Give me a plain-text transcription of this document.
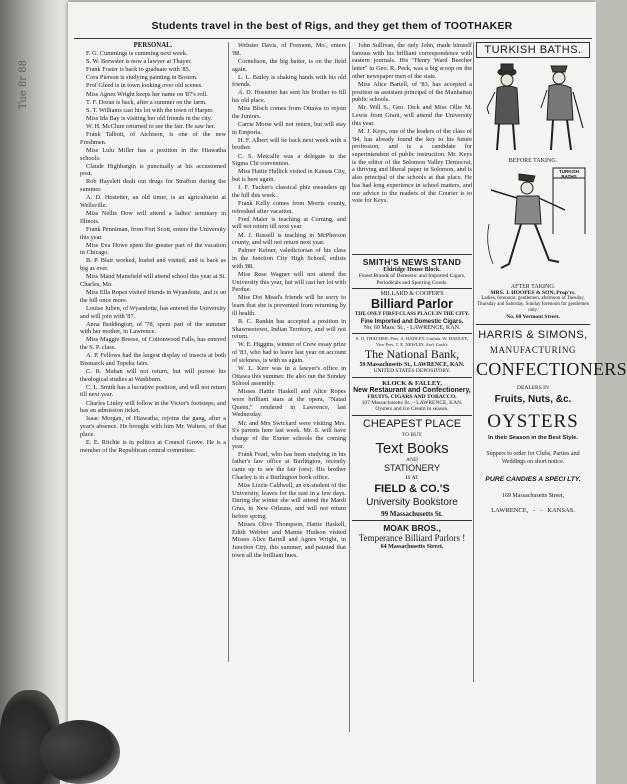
Tue 8r 88
Students travel in the best of Rigs, and they get them of TOOTHAKER

PERSONAL.

F. G. Cummings is cumming next week.

S. W. Brewster is now a lawyer at Thayer.

Frank Foster is back to graduate with '85.

Cora Pierson is studying painting in Boston.

Prof Gleed is in town looking over old scenes.

Miss Agnes Wright keeps her name on '87's roll.

T. F. Doran is back, after a summer on the farm.

S. T. Williams cast his lot with the town of Harper.

Miss Ida Bay is visiting her old friends in the city.

W. H. McClure returned to see the fair. He saw her.

Frank Talbott, of Atchison, is one of the new Freshmen.

Miss Lulu Miller has a position in the Hiawatha schools.

Claude Highbargin is punctually at his accustomed post.

Rob Hayslett dealt out drugs for Straffon during the summer.

A. D. Hostetter, an old timer, is an agriculturist at Wellsville.

Miss Nellie Dow will attend a ladies' seminary in Illinois.

Frank Penniman, from Fort Scott, enters the University this year.

Miss Eva Howe spent the greater part of the vacation in Chicago.

B. P. Blair worked, loafed and visited, and is back as big as ever.

Miss Maud Mansfield will attend school this year at St. Charles, Mo.

Miss Ella Ropes visited friends in Wyandotte, and is on the hill once more.

Louise Julien, of Wyandotte, has entered the University and will join with '87.

Anna Beddington, of '78, spent part of the summer with her mother, in Lawrence.

Miss Maggie Breese, of Cottonwood Falls, has entered the S. P. class.

A. P. Fellows had the largest display of insects at both Bismarck and Topeka fairs.

C. R. Mahan will not return, but will pursue his theological studies at Washburn.

C. L. Smith has a lucrative position, and will not return till next year.

Charles Linley will follow in the Victor's footsteps, and has an admission ticket.

Isaac Morgan, of Hiawatha, rejoins the gang, after a year's absence. He brought with him Mr. Walters, of that place.

E. E. Ritchie is in politics at Council Grove. He is a member of the Republican central committee.

Webster Davis, of Fremont, Mo., enters '88.

Cornelison, the big batter, is on the field again.

L. L. Bailey is shaking hands with his old friends.

A. D. Hostetter has sent his brother to fill his old place.

Miss Bloch comes from Ottawa to rejoin the Juniors.

Carrie Morse will not return, but will stay in Emporia.

H. F. Albert will be back next week with a brother.

C. S. Metcalfe was a delegate to the Sigma Chi convention.

Miss Hattie Hullick visited in Kansas City, but is here again.

J. F. Tucker's classical phiz meanders up the hill this week.

Frank Kelly comes from Morris county, refreshed after vacation.

Fred Maier is teaching at Corning, and will not return till next year.

M. J. Russell is teaching in McPherson county, and will not return next year.

Palmer Ketner, valedictorian of his class in the Junction City High School, enlists with '88.

Miss Rose Wagner will not attend the University this year, but will cast her lot with Perdue.

Miss Dot Mead's friends will be sorry to learn that she is prevented from returning by ill health.

R. C. Rankin has accepted a position in Shawneetown, Indian Territory, and will not return.

W. E. Higgins, winner of Crew essay prize of '83, who had to leave last year on account of sickness, is with us again.

W. L. Kerr was in a lawyer's office in Ottawa this summer. He also ran the Sunday School assembly.

Misses Hattie Haskell and Alice Ropes were brilliant stars at the opera, "Naiad Queen," rendered in Lawrence, last Wednesday.

Mr. and Mrs Swickard were visiting Mrs. S's parents here last week. Mr. S. will have charge of the Exeter schools the coming year.

Frank Fearl, who has been studying in his father's law office at Burlington, recently came up to see the fair (oes). His brother Charley is in a Burlington book office.

Miss Lizzie Caldwell, an ex-student of the University, leaves for the east in a few days. During the winter she will attend the Mardi Gras, in New Orleans, and will not return before spring.

Misses Olive Thompson, Hattie Haskell, Edith Webber and Mamie Hudson visited Misses Alice Bartell and Agnes Wright, in Junction City, this summer, and painted that town all the brilliant hues.

John Sullivan, the only John, made himself famous with his brilliant correspondence with eastern journals. His "Henry Ward Beecher letter" to Geo. R. Peck, was a big scoop on the other newspaper men of the state.

Miss Alice Bartell, of '83, has accepted a position as assistant principal of the Manhattan public schools.

Mr. Will S., Geo. Dick and Miss Ollie M. Lewis from Grant, will attend the University this year.

M. J. Keys, one of the leaders of the class of '84, has already found the key to his future profession, and is a candidate for superintendent of public instruction. Mr. Keys is the editor of the Solomon Valley Democrat, a thriving and liberal paper in Solomon, and is also principal of the schools at that place. He has had long experience in school matters, and our advice to the readers of the Courier is to vote for Keys.

SMITH'S NEWS STAND
Eldridge House Block.
Finest Brands of Domestic and Imported Cigars, Periodicals and Sporting Goods.
MILLARD & COOPER'S
Billiard Parlor
THE ONLY FIRST-CLASS PLACE IN THE CITY.
Fine Imported and Domestic Cigars.
No. 60 Mass. St., - LAWRENCE, KAN.
S. O. THACHER, Pres. A. HADLEY, Cashier. W. HADLEY, Vice Pres. T. E. NEWLIN, Ass't Cash'r.
The National Bank,
59 Massachusetts St., LAWRENCE, KAN.
UNITED STATES DEPOSITORY.
KLOCK & FALLEY,
New Restaurant and Confectionery,
FRUITS, CIGARS AND TOBACCO.
107 Massachusetts St., - LAWRENCE, KAN.
Oysters and Ice Cream in season.
CHEAPEST PLACE
TO BUY
Text Books
AND
STATIONERY
IS AT
FIELD & CO.'S
University Bookstore
99 Massachusetts St.
MOAK BROS.,
Temperance Billiard Parlors !
64 Massachusetts Street.
TURKISH BATHS.
BEFORE TAKING.
TURKISH BATHS
AFTER TAKING.
MRS. J. HOOPES & SON, Prop'rs.
Ladies, forenoon; gentlemen, afternoon of Tuesday, Thursday and Saturday. Sunday forenoon for gentlemen only.
No. 60 Vermont Street.
HARRIS & SIMONS,
MANUFACTURING
CONFECTIONERS
DEALERS IN
Fruits, Nuts, &c.
OYSTERS
In their Season in the Best Style.
Suppers to order for Clubs, Parties and Weddings on short notice.
PURE CANDIES A SPECI LTY.
169 Massachusetts Street,
LAWRENCE,   -   -   KANSAS.
